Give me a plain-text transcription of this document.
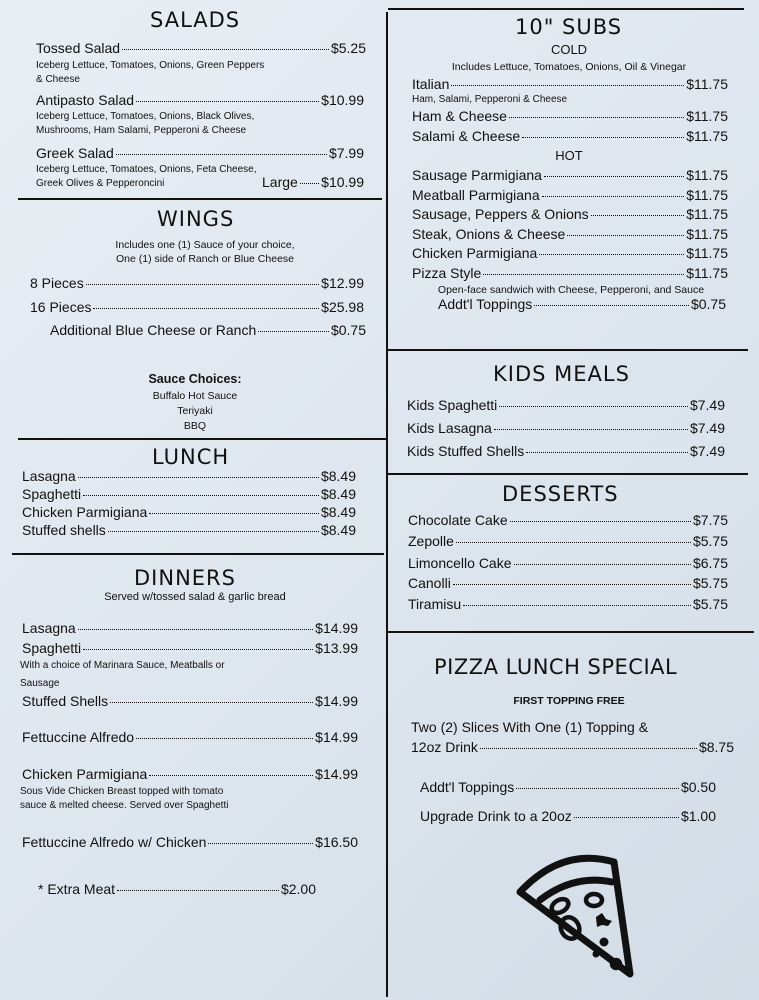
SALADS
Tossed Salad	$5.25
Iceberg Lettuce, Tomatoes, Onions, Green Peppers
& Cheese
Antipasto Salad	$10.99
Iceberg Lettuce, Tomatoes, Onions, Black Olives,
Mushrooms, Ham Salami, Pepperoni & Cheese
Greek Salad	$7.99
Iceberg Lettuce, Tomatoes, Onions, Feta Cheese,
Greek Olives & Pepperoncini	Large $10.99
WINGS
Includes one (1) Sauce of your choice,
One (1) side of Ranch or Blue Cheese
8 Pieces	$12.99
16 Pieces	$25.98
Additional Blue Cheese or Ranch	$0.75
Sauce Choices:
Buffalo Hot Sauce
Teriyaki
BBQ
LUNCH
Lasagna	$8.49
Spaghetti	$8.49
Chicken Parmigiana	$8.49
Stuffed shells	$8.49
DINNERS
Served w/tossed salad & garlic bread
Lasagna	$14.99
Spaghetti	$13.99
With a choice of Marinara Sauce, Meatballs or
Sausage
Stuffed Shells	$14.99
Fettuccine Alfredo	$14.99
Chicken Parmigiana	$14.99
Sous Vide Chicken Breast topped with tomato
sauce & melted cheese. Served over Spaghetti
Fettuccine Alfredo w/ Chicken	$16.50
* Extra Meat	$2.00
10" SUBS
COLD
Includes Lettuce, Tomatoes, Onions, Oil & Vinegar
Italian	$11.75
Ham, Salami, Pepperoni & Cheese
Ham & Cheese	$11.75
Salami & Cheese	$11.75
HOT
Sausage Parmigiana	$11.75
Meatball Parmigiana	$11.75
Sausage, Peppers & Onions	$11.75
Steak, Onions & Cheese	$11.75
Chicken Parmigiana	$11.75
Pizza Style	$11.75
Open-face sandwich with Cheese, Pepperoni, and Sauce
Addt'l Toppings	$0.75
KIDS MEALS
Kids Spaghetti	$7.49
Kids Lasagna	$7.49
Kids Stuffed Shells	$7.49
DESSERTS
Chocolate Cake	$7.75
Zepolle	$5.75
Limoncello Cake	$6.75
Canolli	$5.75
Tiramisu	$5.75
PIZZA LUNCH SPECIAL
FIRST TOPPING FREE
Two (2) Slices With One (1) Topping &
12oz Drink	$8.75
Addt'l Toppings	$0.50
Upgrade Drink to a 20oz	$1.00
